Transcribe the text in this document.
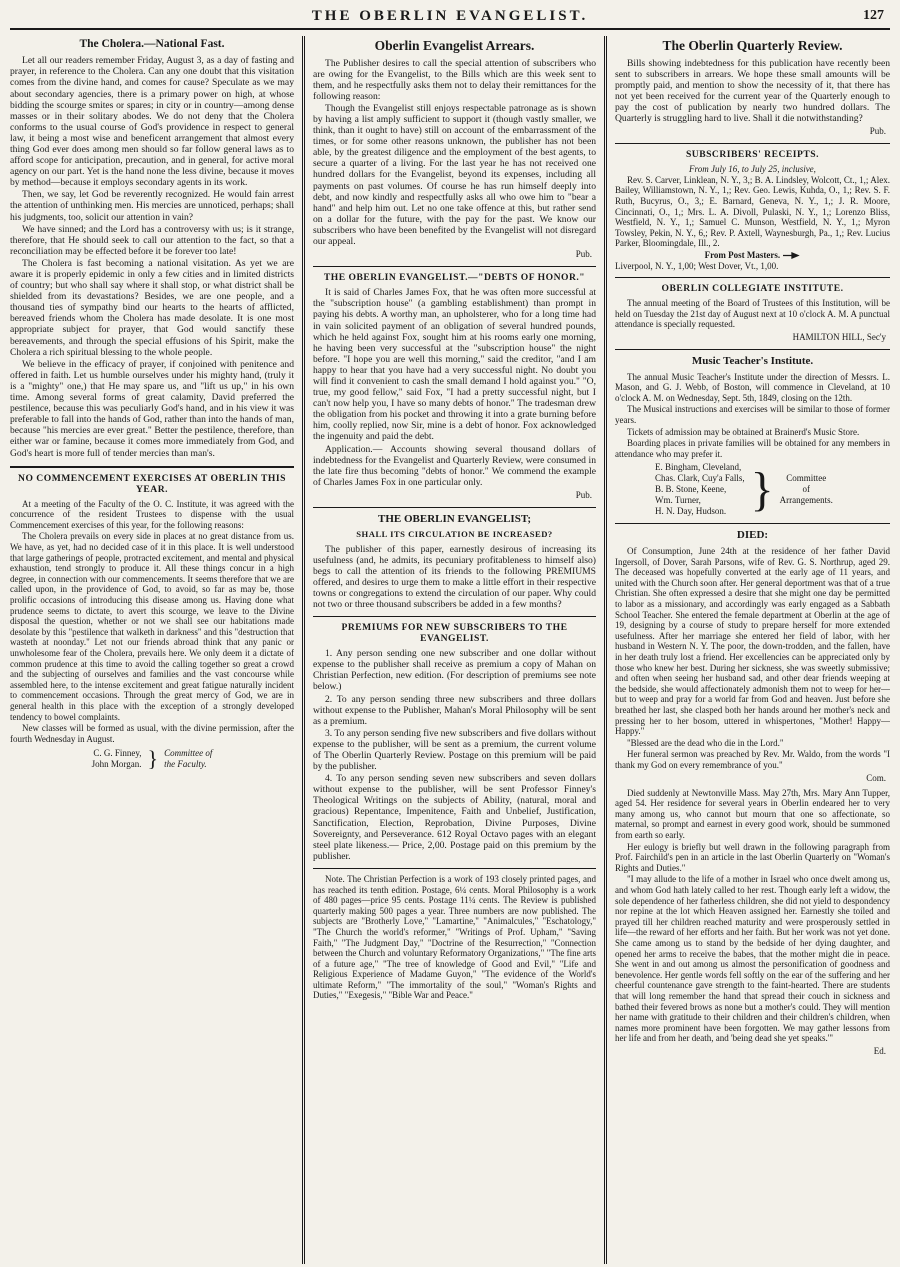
THE OBERLIN EVANGELIST.	127
The Cholera.—National Fast.

Let all our readers remember Friday, August 3, as a day of fasting and prayer, in reference to the Cholera. Can any one doubt that this visitation comes from the divine hand, and comes for cause? Speculate as we may about secondary agencies, there is a primary power on high, at whose bidding the scourge smites or spares; in city or in country—among dense masses or in their solitary abodes. We do not deny that the Cholera conforms to the usual course of God's providence in respect to general law, it being a most wise and beneficent arrangement that almost every thing God ever does among men should so far follow general laws as to afford scope for anticipation, precaution, and in general, for active moral agency on our part. Yet is the hand none the less divine, because it moves by method—because it employs secondary agents in its work.

Then, we say, let God be reverently recognized. He would fain arrest the attention of unthinking men. His mercies are unnoticed, perhaps; shall his judgments, too, solicit our attention in vain?

We have sinned; and the Lord has a controversy with us; is it strange, therefore, that He should seek to call our attention to the fact, so that a reconciliation may be effected before it be forever too late!

The Cholera is fast becoming a national visitation. As yet we are aware it is properly epidemic in only a few cities and in limited districts of country; but who shall say where it shall stop, or what district shall be shielded from its devastations? Besides, we are one people, and a thousand ties of sympathy bind our hearts to the hearts of afflicted, bereaved friends whom the Cholera has made desolate. It is one most appropriate subject for prayer, that God would sanctify these bereavements, and through the special effusions of his Spirit, make the Cholera a rich spiritual blessing to the whole people.

We believe in the efficacy of prayer, if conjoined with penitence and offered in faith. Let us humble ourselves under his mighty hand, (truly it is a "mighty" one,) that He may spare us, and "lift us up," in his own time. Among several forms of great calamity, David preferred the pestilence, because this was peculiarly God's hand, and in his view it was preferable to fall into the hands of God, rather than into the hands of man, because "his mercies are ever great." Better the pestilence, therefore, than either war or famine, because it comes more immediately from God, and God's heart is more full of tender mercies than man's.

NO COMMENCEMENT EXERCISES AT OBERLIN THIS YEAR.

At a meeting of the Faculty of the O. C. Institute, it was agreed with the concurrence of the resident Trustees to dispense with the usual Commencement exercises of this year, for the following reasons:

The Cholera prevails on every side in places at no great distance from us. We have, as yet, had no decided case of it in this place. It is well understood that large gatherings of people, protracted excitement, and mental and physical exhaustion, tend strongly to produce it. All these things concur in a high degree, in connection with our commencements. It seems therefore that we are called upon, in the providence of God, to avoid, so far as may be, those prolific occasions of introducing this disease among us. Having done what prudence seems to dictate, to avert this scourge, we leave to the Divine disposal the question, whether or not we shall see our habitations made desolate by this "pestilence that walketh in darkness" and this "destruction that wasteth at noonday." Let not our friends abroad think that any panic or unwholesome fear of the Cholera, prevails here. We only deem it a dictate of common prudence at this time to avoid the calling together so great a crowd and the subjecting of ourselves and families and the vast concourse while assembled here, to the intense excitement and great fatigue naturally incident to commencement occasions. Through the great mercy of God, we are in general health in this place with the exception of a strongly developed tendency to bowel complaints.

New classes will be formed as usual, with the divine permission, after the fourth Wednesday in August.

C. G. Finney,
John Morgan. } Committee of
the Faculty.
Oberlin Evangelist Arrears.

The Publisher desires to call the special attention of subscribers who are owing for the Evangelist, to the Bills which are this week sent to them, and he respectfully asks them not to delay their remittances for the following reason:

Though the Evangelist still enjoys respectable patronage as is shown by having a list amply sufficient to support it (though vastly smaller, we think, than it ought to have) still on account of the embarrassment of the times, or for some other reasons unknown, the publisher has not been able, by the greatest diligence and the employment of the best agents, to secure a quarter of a living. For the last year he has not received one hundred dollars for the Evangelist, beyond its expenses, including all payments on past volumes. Of course he has run himself deeply into debt, and now kindly and respectfully asks all who owe him to "bear a hand" and help him out. Let no one take offence at this, but rather send on a dollar for the future, with the pay for the past. We know our subscribers who have been benefited by the Evangelist will not disregard our appeal.

Pub.
THE OBERLIN EVANGELIST.—"DEBTS OF HONOR."

It is said of Charles James Fox, that he was often more successful at the "subscription house" (a gambling establishment) than prompt in paying his debts. A worthy man, an upholsterer, who for a long time had in vain solicited payment of an obligation of several hundred pounds, which he held against Fox, sought him at his rooms early one morning, he having been very successful at the "subscription house" the night before. "I hope you are well this morning," said the creditor, "and I am happy to hear that you have had a very successful night. No doubt you will find it convenient to cash the small demand I hold against you." "O, true, my good fellow," said Fox, "I had a pretty successful night, but I can't now help you, I have so many debts of honor." The tradesman drew the obligation from his pocket and throwing it into a grate burning before him, coolly replied, now Sir, mine is a debt of honor. Fox acknowledged the ingenuity and paid the debt.

Application.— Accounts showing several thousand dollars of indebtedness for the Evangelist and Quarterly Review, were consumed in the late fire thus becoming "debts of honor." We commend the example of Charles James Fox in one particular only.

Pub.
THE OBERLIN EVANGELIST;
SHALL ITS CIRCULATION BE INCREASED?

The publisher of this paper, earnestly desirous of increasing its usefulness (and, he admits, its pecuniary profitableness to himself also) begs to call the attention of its friends to the following PREMIUMS offered, and desires to urge them to make a little effort in their respective towns or congregations to extend the circulation of our paper. Why could not two or three thousand subscribers be added in a few months?

PREMIUMS FOR NEW SUBSCRIBERS TO THE EVANGELIST.

1. Any person sending one new subscriber and one dollar without expense to the publisher shall receive as premium a copy of Mahan on Christian Perfection, new edition. (For description of premiums see note below.)

2. To any person sending three new subscribers and three dollars without expense to the Publisher, Mahan's Moral Philosophy will be sent as a premium.

3. To any person sending five new subscribers and five dollars without expense to the publisher, will be sent as a premium, the current volume of The Oberlin Quarterly Review. Postage on this premium will be paid by the publisher.

4. To any person sending seven new subscribers and seven dollars without expense to the publisher, will be sent Professor Finney's Theological Writings on the subjects of Ability, (natural, moral and gracious) Repentance, Impenitence, Faith and Unbelief, Justification, Sanctification, Election, Reprobation, Divine Purposes, Divine Sovereignty, and Perseverance. 612 Royal Octavo pages with an elegant steel plate likeness.— Price, 2,00. Postage paid on this premium by the publisher.

Note. The Christian Perfection is a work of 193 closely printed pages, and has reached its tenth edition. Postage, 6¼ cents. Moral Philosophy is a work of 480 pages—price 95 cents. Postage 11¼ cents. The Review is published quarterly making 500 pages a year. Three numbers are now published. The subjects are "Brotherly Love," "Lamartine," "Animalcules," "Eschatology," "The Church the world's reformer," "Writings of Prof. Upham," "Saving Faith," "The Judgment Day," "Doctrine of the Resurrection," "Connection between the Church and voluntary Reformatory Organizations," "The fine arts of a future age," "The tree of knowledge of Good and Evil," "Life and Religious Experience of Madame Guyon," "The evidence of the World's ultimate Reform," "The immortality of the soul," "Woman's Rights and Duties," "Exegesis," "Bible War and Peace."

The Oberlin Quarterly Review.

Bills showing indebtedness for this publication have recently been sent to subscribers in arrears. We hope these small amounts will be promptly paid, and mention to show the necessity of it, that there has not yet been received for the current year of the Quarterly enough to pay the cost of publication by nearly two hundred dollars. The Quarterly is struggling hard to live. Shall it die notwithstanding?

Pub.
SUBSCRIBERS' RECEIPTS.
From July 16, to July 25, inclusive,

Rev. S. Carver, Linklean, N. Y., 3,; B. A. Lindsley, Wolcott, Ct., 1,; Alex. Bailey, Williamstown, N. Y., 1,; Rev. Geo. Lewis, Kuhda, O., 1,; Rev. S. F. Ruth, Bucyrus, O., 3,; E. Barnard, Geneva, N. Y., 1,; J. R. Moore, Cincinnati, O., 1,; Mrs. L. A. Divoll, Pulaski, N. Y., 1,; Lorenzo Bliss, Westfield, N. Y., 1,; Samuel C. Munson, Westfield, N. Y., 1,; Myron Towsley, Pekin, N. Y., 6,; Rev. P. Axtell, Waynesburgh, Pa., 1,; Rev. Lucius Parker, Bloomingdale, Ill., 2.

From Post Masters.

Liverpool, N. Y., 1,00; West Dover, Vt., 1,00.

OBERLIN COLLEGIATE INSTITUTE.

The annual meeting of the Board of Trustees of this Institution, will be held on Tuesday the 21st day of August next at 10 o'clock A. M. A punctual attendance is specially requested.

HAMILTON HILL, Sec'y
Music Teacher's Institute.

The annual Music Teacher's Institute under the direction of Messrs. L. Mason, and G. J. Webb, of Boston, will commence in Cleveland, at 10 o'clock A. M. on Wednesday, Sept. 5th, 1849, closing on the 12th.

The Musical instructions and exercises will be similar to those of former years.

Tickets of admission may be obtained at Brainerd's Music Store.

Boarding places in private families will be obtained for any members in attendance who may prefer it.

E. Bingham, Cleveland,
Chas. Clark, Cuy'a Falls,
B. B. Stone, Keene,
Wm. Turner,
H. N. Day, Hudson. }	Committee
of
Arrangements.
DIED:

Of Consumption, June 24th at the residence of her father David Ingersoll, of Dover, Sarah Parsons, wife of Rev. G. S. Northrup, aged 29. The deceased was hopefully converted at the early age of 11 years, and united with the Church soon after. Her general deportment was that of a true Christian. She often expressed a desire that she might one day be permitted to labor as a missionary, and accordingly was early engaged as a Sabbath School Teacher. She entered the female department at Oberlin at the age of 19, designing by a course of study to prepare herself for more extended usefulness. After her marriage she entered her field of labor, with her husband in Western N. Y. The poor, the down-trodden, and the fallen, have in her death truly lost a friend. Her excellencies can be appreciated only by those who knew her best. During her sickness, she was sweetly submissive; and often when seeing her husband sad, and other dear friends weeping at the bedside, she would affectionately admonish them not to weep for her—but to weep and pray for a world far from God and heaven. Just before she breathed her last, she clasped both her hands around her mother's neck and pressing her to her bosom, uttered in whispertones, "Mother! Happy—Happy."

"Blessed are the dead who die in the Lord."

Her funeral sermon was preached by Rev. Mr. Waldo, from the words "I thank my God on every remembrance of you."

Com.

Died suddenly at Newtonville Mass. May 27th, Mrs. Mary Ann Tupper, aged 54. Her residence for several years in Oberlin endeared her to very many among us, who cannot but mourn that one so affectionate, so maternal, so prompt and earnest in every good work, should be summoned from earth so early.

Her eulogy is briefly but well drawn in the following paragraph from Prof. Fairchild's pen in an article in the last Oberlin Quarterly on "Woman's Rights and Duties."

"I may allude to the life of a mother in Israel who once dwelt among us, and whom God hath lately called to her rest. Though early left a widow, the sole dependence of her fatherless children, she did not yield to despondency nor repine at the lot which Heaven assigned her. Earnestly she toiled and prayed till her children reached maturity and were prosperously settled in life—the reward of her efforts and her faith. But her work was not yet done. She came among us to stand by the bedside of her dying daughter, and opened her arms to receive the babes, that the mother might die in peace. She went in and out among us almost the personification of goodness and benevolence. Her gentle words fell softly on the ear of the suffering and her cheerful countenance gave strength to the faint-hearted. There are students that will long remember the hand that spread their couch in sickness and bathed their fevered brows as none but a mother's could. They will mention her name with gratitude to their children and their children's children, when names more prominent have been forgotten. We may gather lessons from her life and from her death, and 'being dead she yet speaks.'"

Ed.
